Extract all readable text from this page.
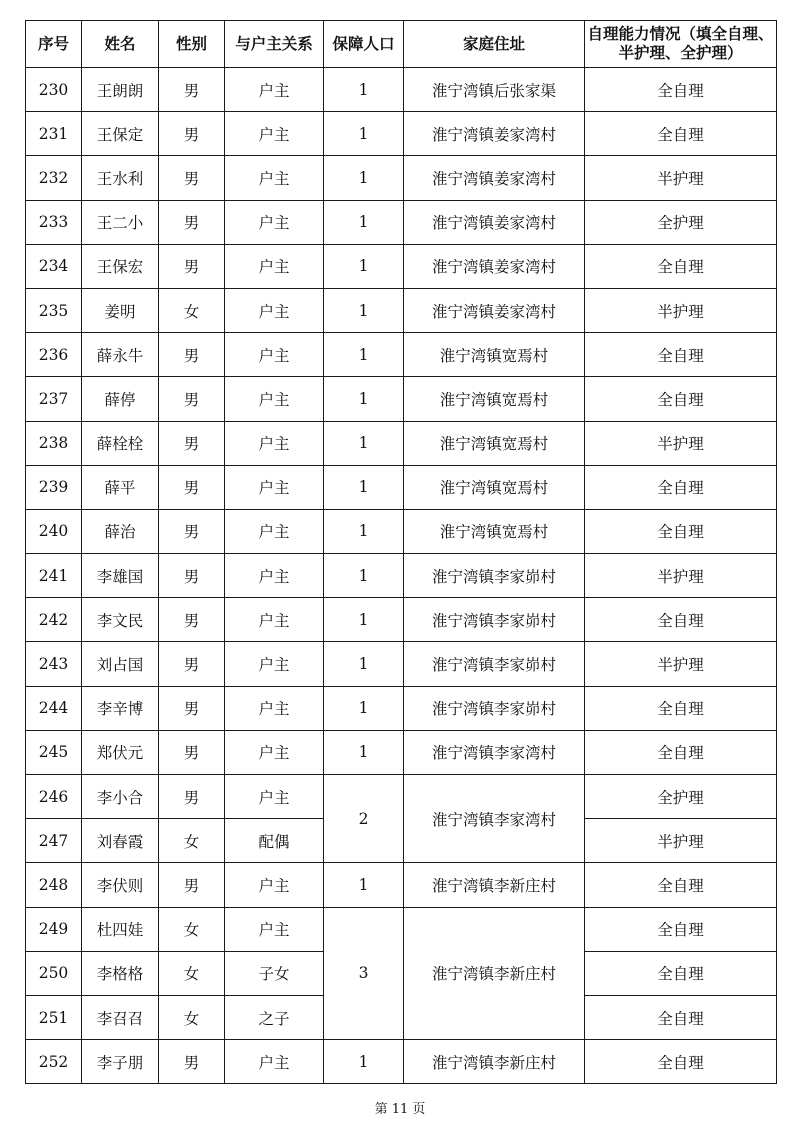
序号	姓名	性别	与户主关系	保障人口	家庭住址	自理能力情况（填全自理、半护理、全护理）
230	王朗朗	男	户主	1	淮宁湾镇后张家渠	全自理
231	王保定	男	户主	1	淮宁湾镇姜家湾村	全自理
232	王水利	男	户主	1	淮宁湾镇姜家湾村	半护理
233	王二小	男	户主	1	淮宁湾镇姜家湾村	全护理
234	王保宏	男	户主	1	淮宁湾镇姜家湾村	全自理
235	姜明	女	户主	1	淮宁湾镇姜家湾村	半护理
236	薛永牛	男	户主	1	淮宁湾镇宽焉村	全自理
237	薛停	男	户主	1	淮宁湾镇宽焉村	全自理
238	薛栓栓	男	户主	1	淮宁湾镇宽焉村	半护理
239	薛平	男	户主	1	淮宁湾镇宽焉村	全自理
240	薛治	男	户主	1	淮宁湾镇宽焉村	全自理
241	李雄国	男	户主	1	淮宁湾镇李家峁村	半护理
242	李文民	男	户主	1	淮宁湾镇李家峁村	全自理
243	刘占国	男	户主	1	淮宁湾镇李家峁村	半护理
244	李辛博	男	户主	1	淮宁湾镇李家峁村	全自理
245	郑伏元	男	户主	1	淮宁湾镇李家湾村	全自理
246	李小合	男	户主	2	淮宁湾镇李家湾村	全护理
247	刘春霞	女	配偶			半护理
248	李伏则	男	户主	1	淮宁湾镇李新庄村	全自理
249	杜四娃	女	户主	3	淮宁湾镇李新庄村	全自理
250	李格格	女	子女			全自理
251	李召召	女	之子			全自理
252	李子朋	男	户主	1	淮宁湾镇李新庄村	全自理
第 11 页
